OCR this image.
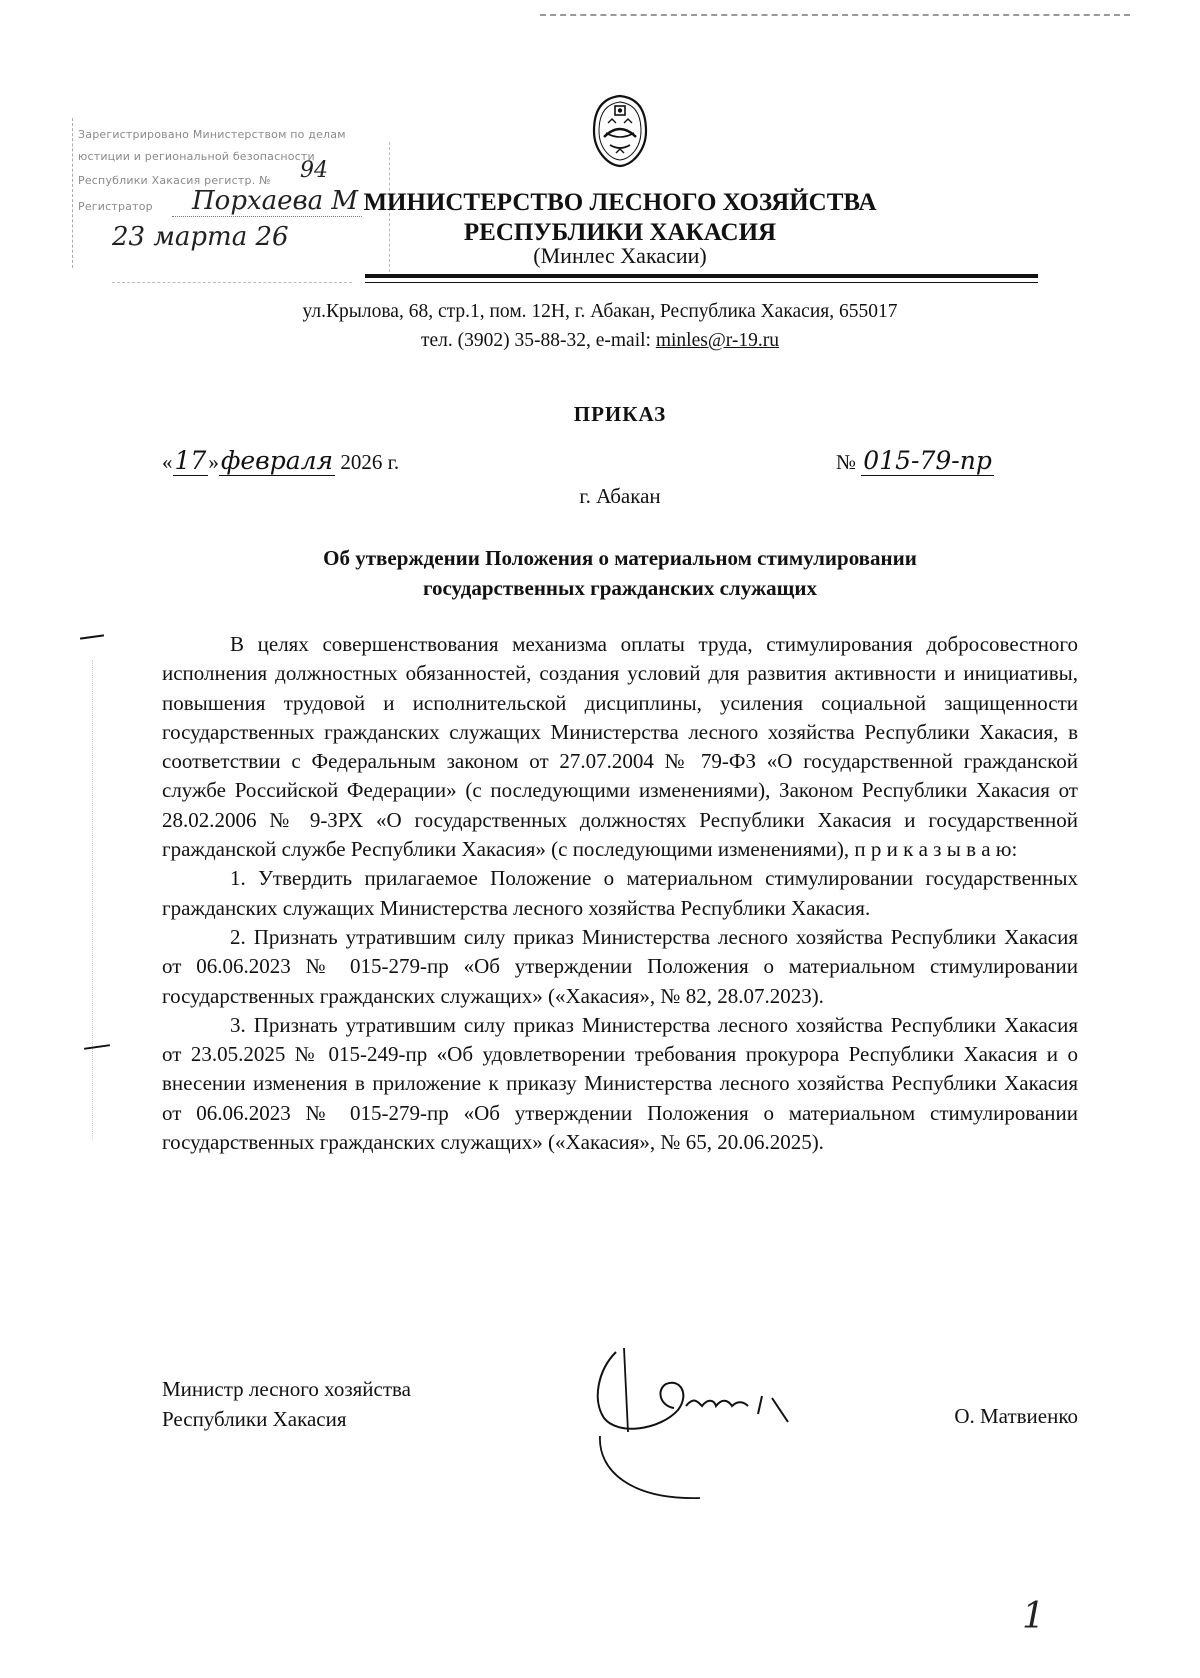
Зарегистрировано Министерством по делам
юстиции и региональной безопасности
Республики Хакасия регистр. № 94
Регистратор Порхаева М
23 марта 26
МИНИСТЕРСТВО ЛЕСНОГО ХОЗЯЙСТВА
РЕСПУБЛИКИ ХАКАСИЯ
(Минлес Хакасии)
ул.Крылова, 68, стр.1, пом. 12Н, г. Абакан, Республика Хакасия, 655017
тел. (3902) 35-88-32, e-mail: minles@r-19.ru
ПРИКАЗ
«17»февраля 2026 г.	№ 015-79-пр
г. Абакан
Об утверждении Положения о материальном стимулировании
государственных гражданских служащих

В целях совершенствования механизма оплаты труда, стимулирования добросовестного исполнения должностных обязанностей, создания условий для развития активности и инициативы, повышения трудовой и исполнительской дисциплины, усиления социальной защищенности государственных гражданских служащих Министерства лесного хозяйства Республики Хакасия, в соответствии с Федеральным законом от 27.07.2004 № 79-ФЗ «О государственной гражданской службе Российской Федерации» (с последующими изменениями), Законом Республики Хакасия от 28.02.2006 № 9-ЗРХ «О государственных должностях Республики Хакасия и государственной гражданской службе Республики Хакасия» (с последующими изменениями), п р и к а з ы в а ю:

1. Утвердить прилагаемое Положение о материальном стимулировании государственных гражданских служащих Министерства лесного хозяйства Республики Хакасия.

2. Признать утратившим силу приказ Министерства лесного хозяйства Республики Хакасия от 06.06.2023 № 015-279-пр «Об утверждении Положения о материальном стимулировании государственных гражданских служащих» («Хакасия», № 82, 28.07.2023).

3. Признать утратившим силу приказ Министерства лесного хозяйства Республики Хакасия от 23.05.2025 № 015-249-пр «Об удовлетворении требования прокурора Республики Хакасия и о внесении изменения в приложение к приказу Министерства лесного хозяйства Республики Хакасия от 06.06.2023 № 015-279-пр «Об утверждении Положения о материальном стимулировании государственных гражданских служащих» («Хакасия», № 65, 20.06.2025).

Министр лесного хозяйства
Республики Хакасия	О. Матвиенко
1
